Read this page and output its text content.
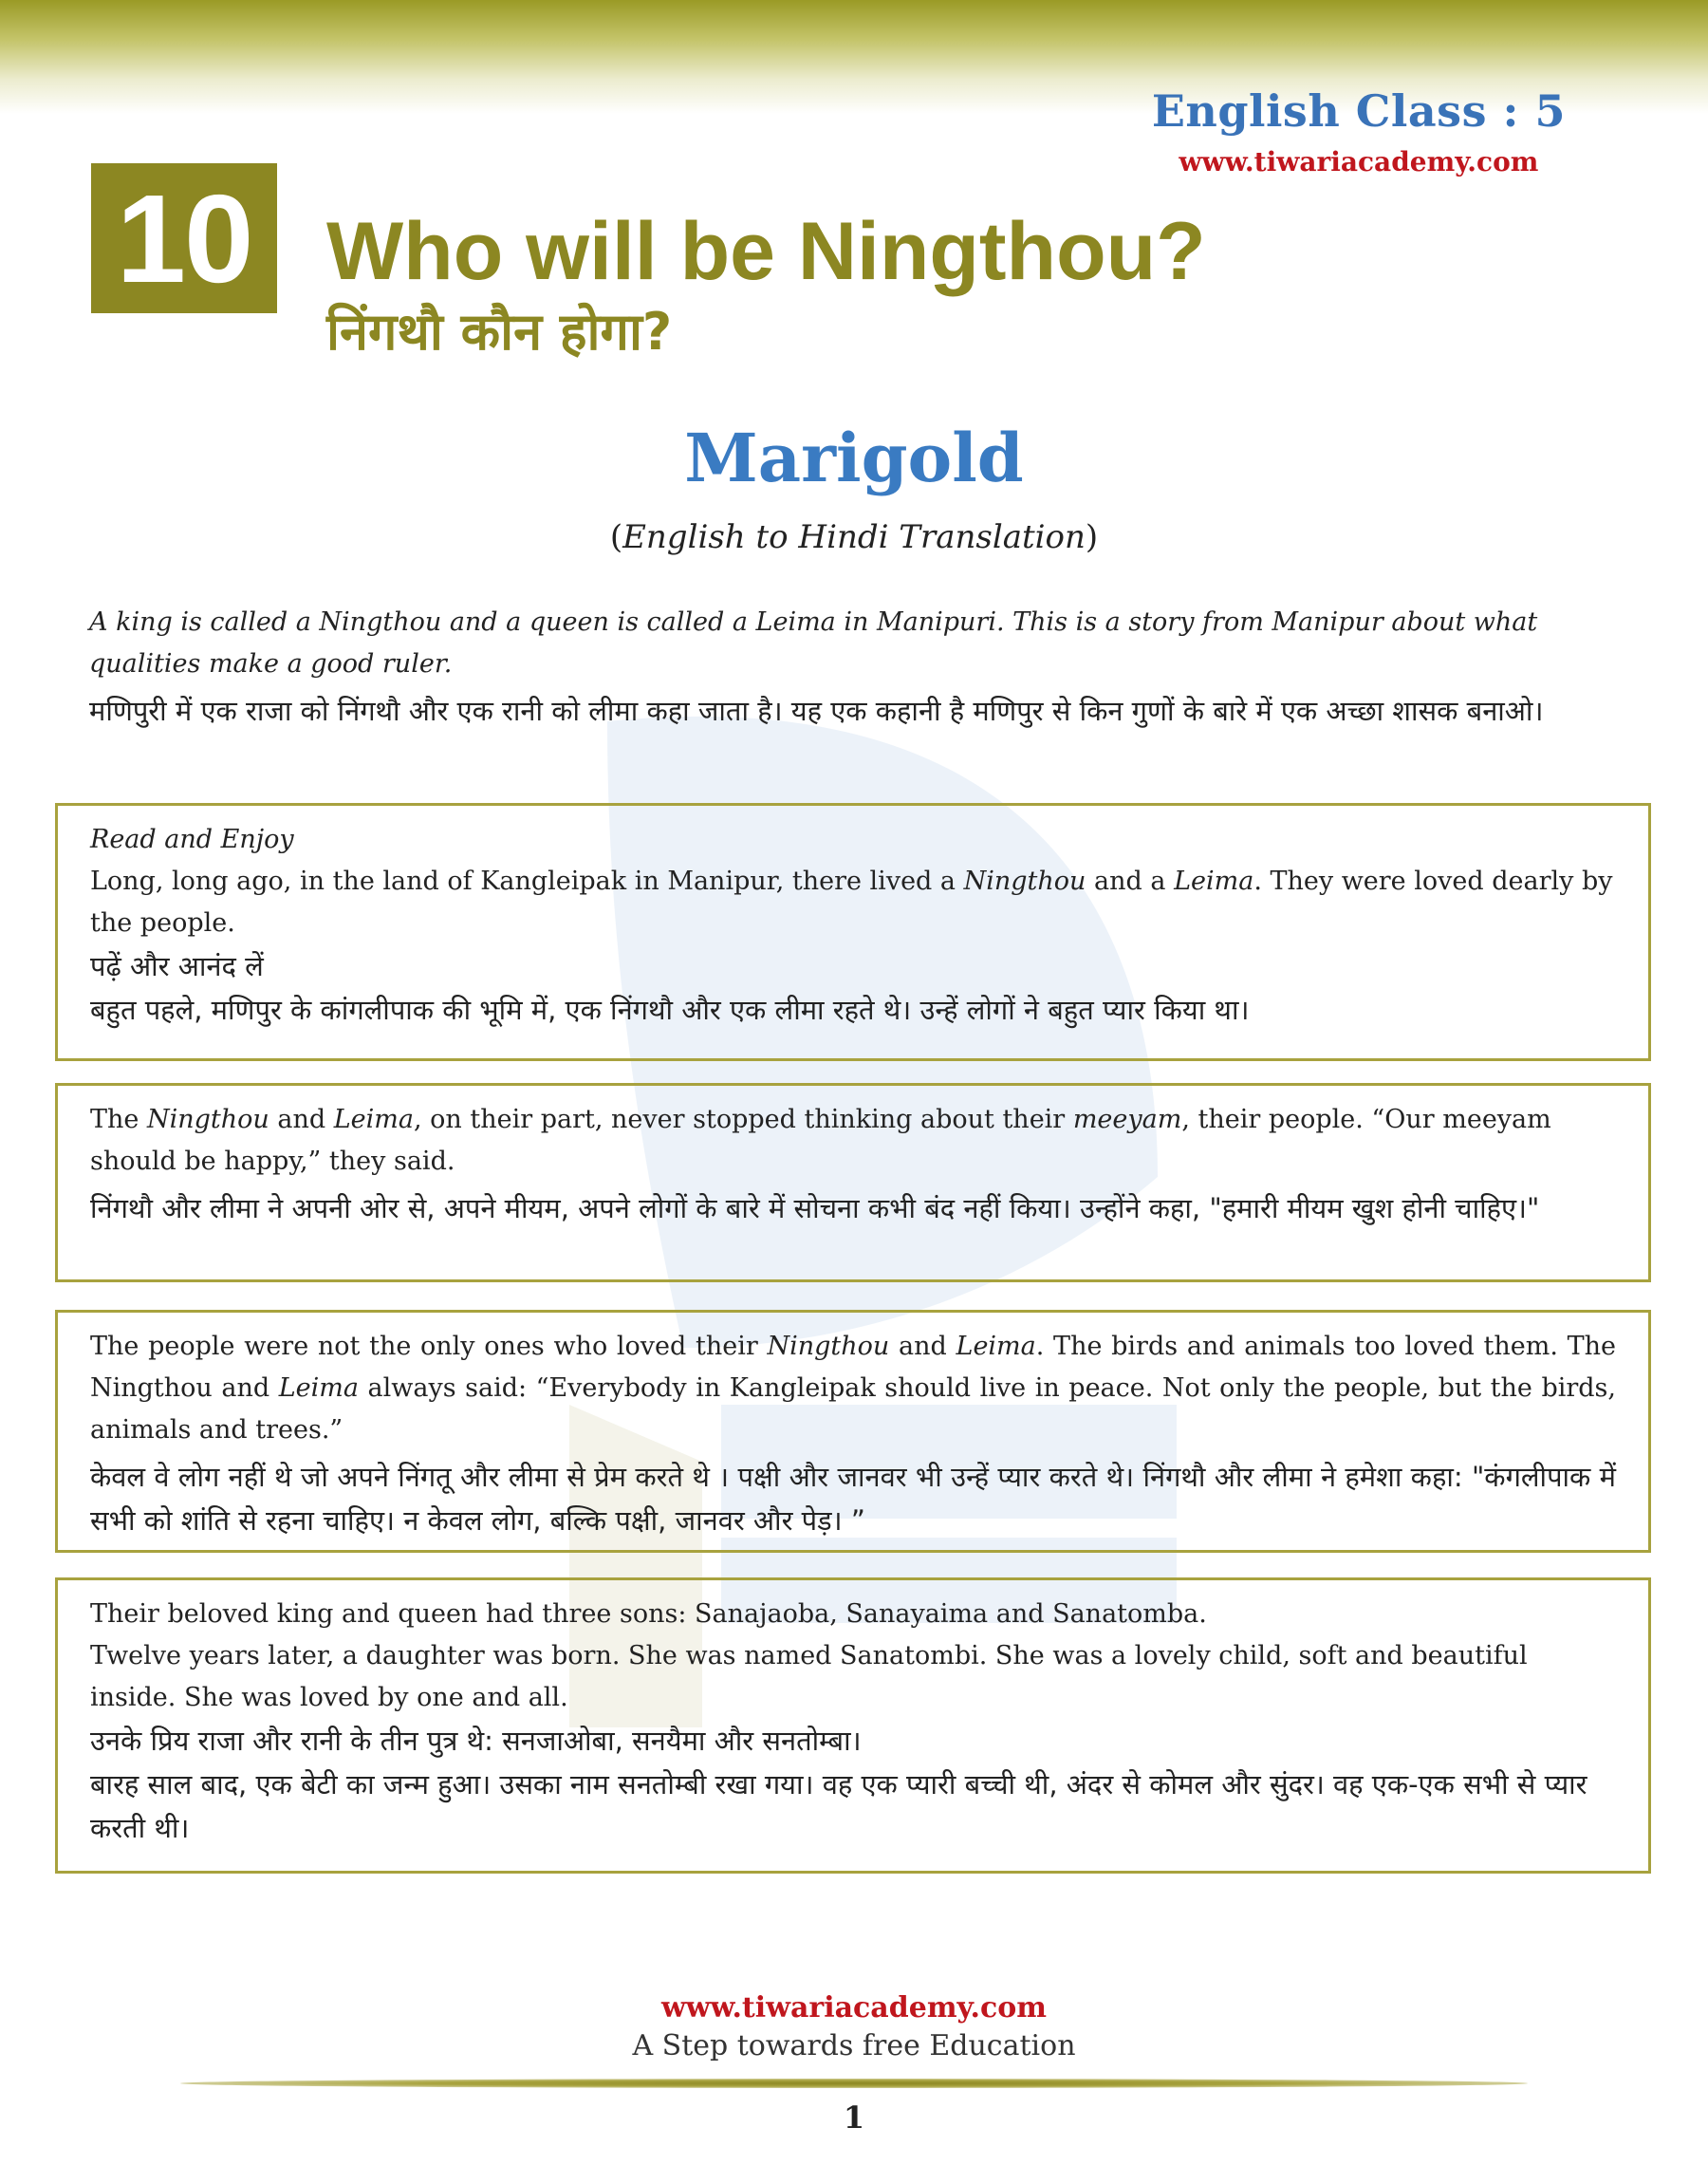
English Class : 5
www.tiwariacademy.com
10 Who will be Ningthou?
निंगथौ कौन होगा?
Marigold
(English to Hindi Translation)
A king is called a Ningthou and a queen is called a Leima in Manipuri. This is a story from Manipur about what qualities make a good ruler.
मणिपुरी में एक राजा को निंगथौ और एक रानी को लीमा कहा जाता है। यह एक कहानी है मणिपुर से किन गुणों के बारे में एक अच्छा शासक बनाओ।
Read and Enjoy
Long, long ago, in the land of Kangleipak in Manipur, there lived a Ningthou and a Leima. They were loved dearly by the people.
पढ़ें और आनंद लें
बहुत पहले, मणिपुर के कांगलीपाक की भूमि में, एक निंगथौ और एक लीमा रहते थे। उन्हें लोगों ने बहुत प्यार किया था।
The Ningthou and Leima, on their part, never stopped thinking about their meeyam, their people. “Our meeyam should be happy,” they said.
निंगथौ और लीमा ने अपनी ओर से, अपने मीयम, अपने लोगों के बारे में सोचना कभी बंद नहीं किया। उन्होंने कहा, "हमारी मीयम खुश होनी चाहिए।"
The people were not the only ones who loved their Ningthou and Leima. The birds and animals too loved them. The Ningthou and Leima always said: “Everybody in Kangleipak should live in peace. Not only the people, but the birds, animals and trees.”
केवल वे लोग नहीं थे जो अपने निंगतू और लीमा से प्रेम करते थे । पक्षी और जानवर भी उन्हें प्यार करते थे। निंगथौ और लीमा ने हमेशा कहा: "कंगलीपाक में सभी को शांति से रहना चाहिए। न केवल लोग, बल्कि पक्षी, जानवर और पेड़। ”
Their beloved king and queen had three sons: Sanajaoba, Sanayaima and Sanatomba.
Twelve years later, a daughter was born. She was named Sanatombi. She was a lovely child, soft and beautiful inside. She was loved by one and all.
उनके प्रिय राजा और रानी के तीन पुत्र थे: सनजाओबा, सनयैमा और सनतोम्बा।
बारह साल बाद, एक बेटी का जन्म हुआ। उसका नाम सनतोम्बी रखा गया। वह एक प्यारी बच्ची थी, अंदर से कोमल और सुंदर। वह एक-एक सभी से प्यार करती थी।
www.tiwariacademy.com
A Step towards free Education
1
